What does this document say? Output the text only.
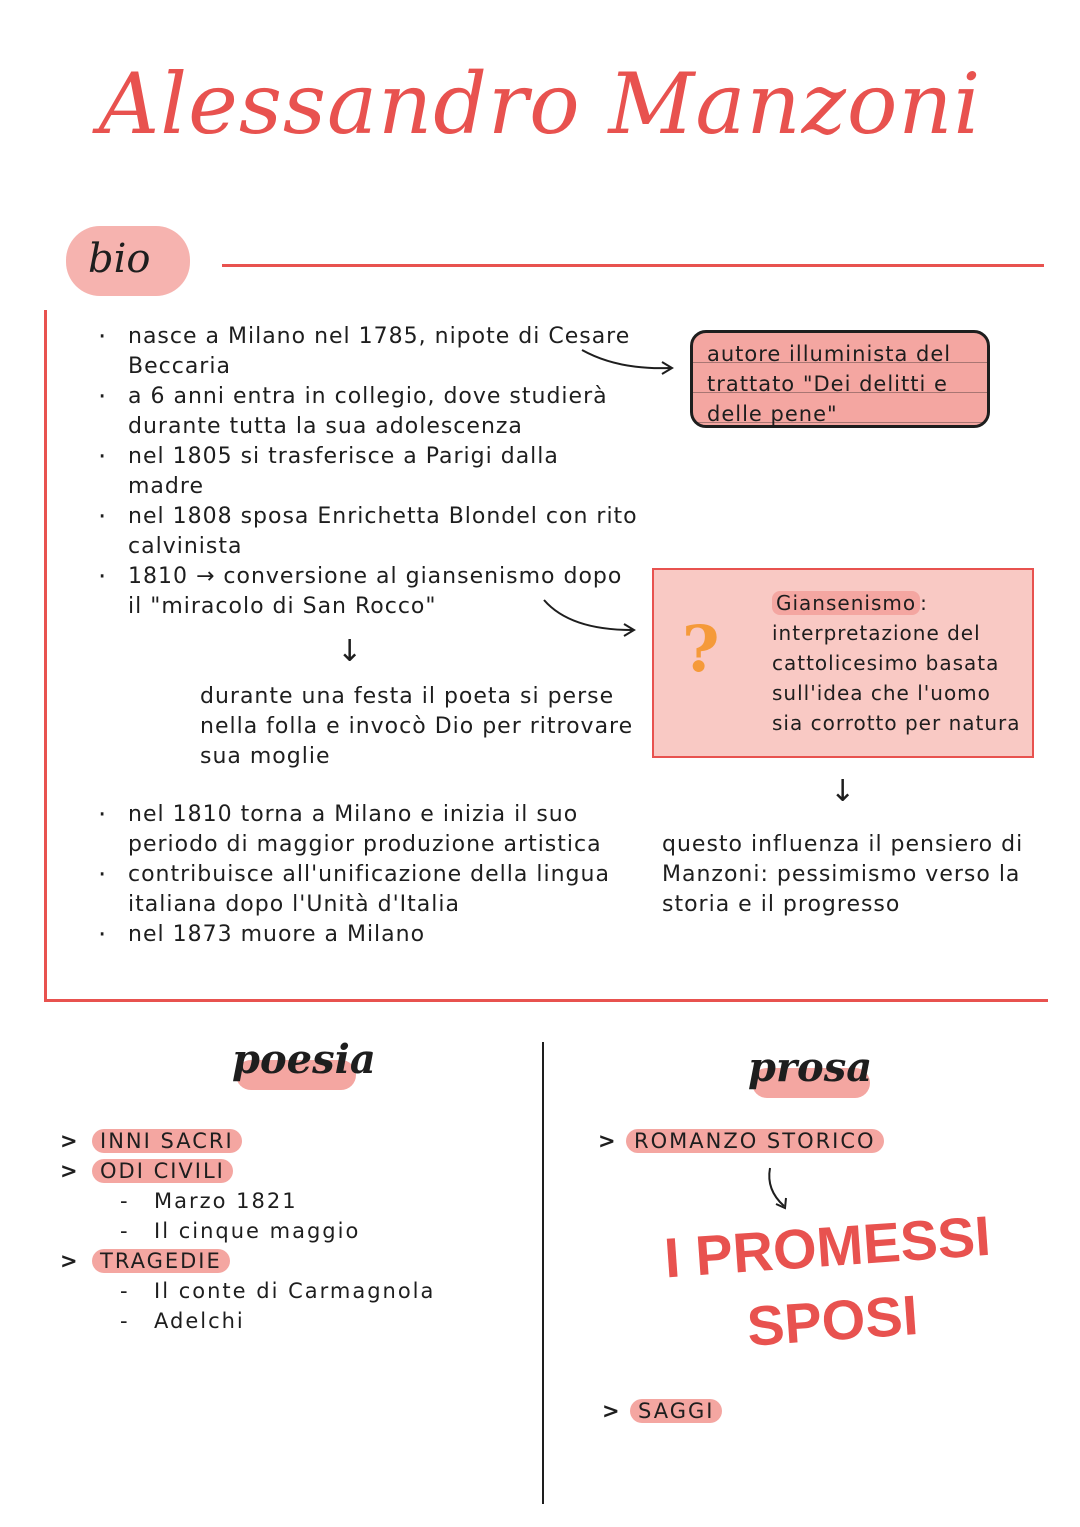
Alessandro Manzoni
bio
· nasce a Milano nel 1785, nipote di Cesare Beccaria
· a 6 anni entra in collegio, dove studierà durante tutta la sua adolescenza
· nel 1805 si trasferisce a Parigi dalla madre
· nel 1808 sposa Enrichetta Blondel con rito calvinista
· 1810 → conversione al giansenismo dopo il "miracolo di San Rocco"
autore illuminista del trattato "Dei delitti e delle pene"
↓
durante una festa il poeta si perse nella folla e invocò Dio per ritrovare sua moglie
?
Giansenismo :
interpretazione del cattolicesimo basata sull'idea che l'uomo sia corrotto per natura
↓
questo influenza il pensiero di Manzoni: pessimismo verso la storia e il progresso
· nel 1810 torna a Milano e inizia il suo periodo di maggior produzione artistica
· contribuisce all'unificazione della lingua italiana dopo l'Unità d'Italia
· nel 1873 muore a Milano
poesia
> INNI SACRI
> ODI CIVILI
- Marzo 1821
- Il cinque maggio
> TRAGEDIE
- Il conte di Carmagnola
- Adelchi
prosa
> ROMANZO STORICO
I PROMESSI
SPOSI
> SAGGI
